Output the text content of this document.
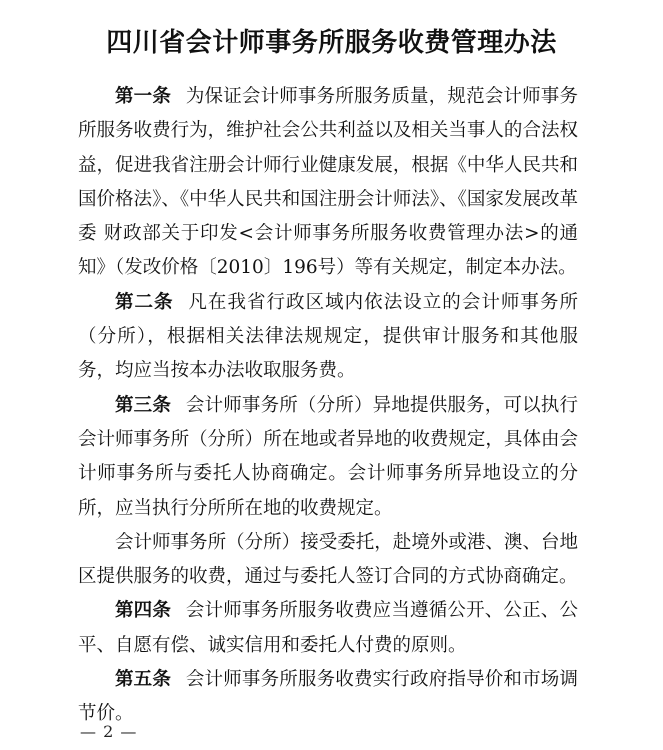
四川省会计师事务所服务收费管理办法

第一条 为保证会计师事务所服务质量，规范会计师事务所服务收费行为，维护社会公共利益以及相关当事人的合法权益，促进我省注册会计师行业健康发展，根据《中华人民共和国价格法》、《中华人民共和国注册会计师法》、《国家发展改革委 财政部关于印发<会计师事务所服务收费管理办法>的通知》（发改价格〔2010〕196号）等有关规定，制定本办法。

第二条 凡在我省行政区域内依法设立的会计师事务所（分所），根据相关法律法规规定，提供审计服务和其他服务，均应当按本办法收取服务费。

第三条 会计师事务所（分所）异地提供服务，可以执行会计师事务所（分所）所在地或者异地的收费规定，具体由会计师事务所与委托人协商确定。会计师事务所异地设立的分所，应当执行分所所在地的收费规定。

会计师事务所（分所）接受委托，赴境外或港、澳、台地区提供服务的收费，通过与委托人签订合同的方式协商确定。

第四条 会计师事务所服务收费应当遵循公开、公正、公平、自愿有偿、诚实信用和委托人付费的原则。

第五条 会计师事务所服务收费实行政府指导价和市场调节价。

— 2 —
